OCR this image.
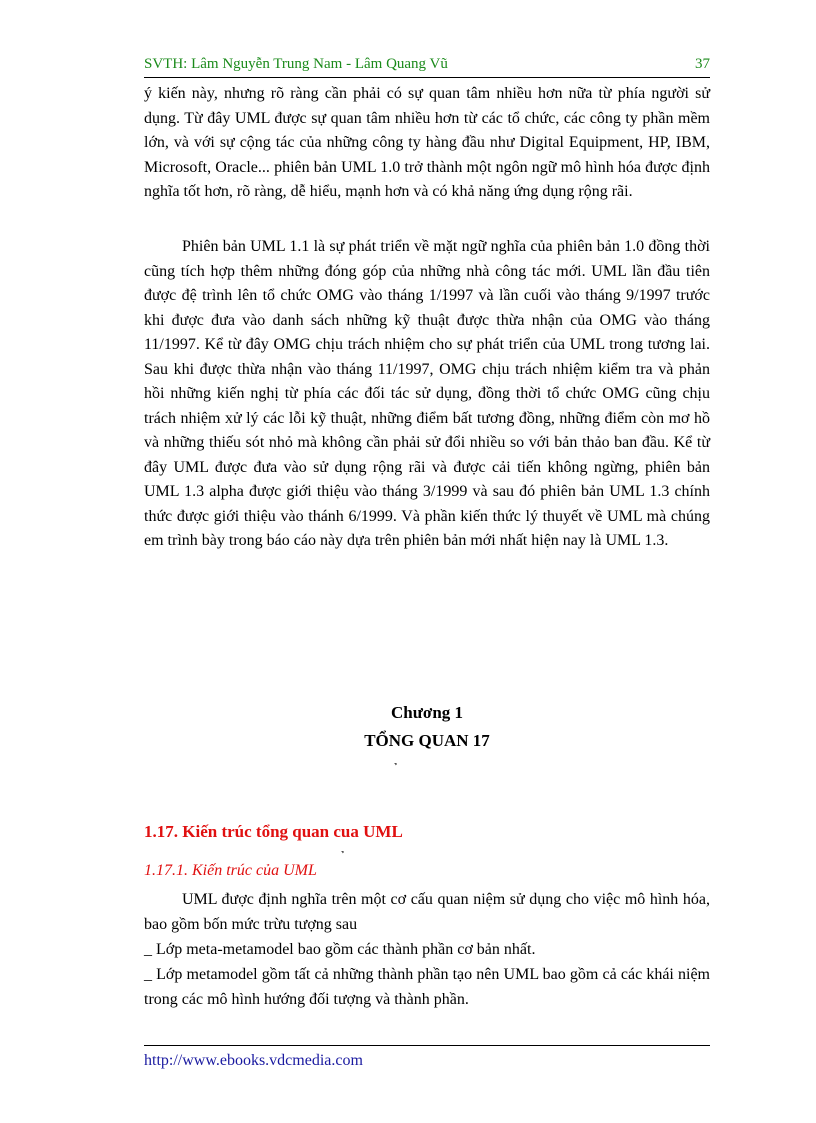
SVTH: Lâm Nguyễn Trung Nam - Lâm Quang Vũ	37

ý kiến này, nhưng rõ ràng cần phải có sự quan tâm nhiều hơn nữa từ phía người sử dụng. Từ đây UML được sự quan tâm nhiều hơn từ các tổ chức, các công ty phần mềm lớn, và với sự cộng tác của những công ty hàng đầu như Digital Equipment, HP, IBM, Microsoft, Oracle... phiên bản UML 1.0 trở thành một ngôn ngữ mô hình hóa được định nghĩa tốt hơn, rõ ràng, dễ hiểu, mạnh hơn và có khả năng ứng dụng rộng rãi.

Phiên bản UML 1.1 là sự phát triển về mặt ngữ nghĩa của phiên bản 1.0 đồng thời cũng tích hợp thêm những đóng góp của những nhà công tác mới. UML lần đầu tiên được đệ trình lên tổ chức OMG vào tháng 1/1997 và lần cuối vào tháng 9/1997 trước khi được đưa vào danh sách những kỹ thuật được thừa nhận của OMG vào tháng 11/1997. Kể từ đây OMG chịu trách nhiệm cho sự phát triển của UML trong tương lai. Sau khi được thừa nhận vào tháng 11/1997, OMG chịu trách nhiệm kiểm tra và phản hồi những kiến nghị từ phía các đối tác sử dụng, đồng thời tổ chức OMG cũng chịu trách nhiệm xử lý các lỗi kỹ thuật, những điểm bất tương đồng, những điểm còn mơ hồ và những thiếu sót nhỏ mà không cần phải sử đổi nhiều so với bản thảo ban đầu. Kể từ đây UML được đưa vào sử dụng rộng rãi và được cải tiến không ngừng, phiên bản UML 1.3 alpha được giới thiệu vào tháng 3/1999 và sau đó phiên bản UML 1.3 chính thức được giới thiệu vào thánh 6/1999. Và phần kiến thức lý thuyết về UML mà chúng em trình bày trong báo cáo này dựa trên phiên bản mới nhất hiện nay là UML 1.3.

Chương 1
TỔNG QUAN 17
1.17. Kiến trúc tổng quan cua UML
1.17.1. Kiến trúc của UML

UML được định nghĩa trên một cơ cấu quan niệm sử dụng cho việc mô hình hóa, bao gồm bốn mức trừu tượng sau

_ Lớp meta-metamodel bao gồm các thành phần cơ bản nhất.

_ Lớp metamodel gồm tất cả những thành phần tạo nên UML bao gồm cả các khái niệm trong các mô hình hướng đối tượng và thành phần.

http://www.ebooks.vdcmedia.com
